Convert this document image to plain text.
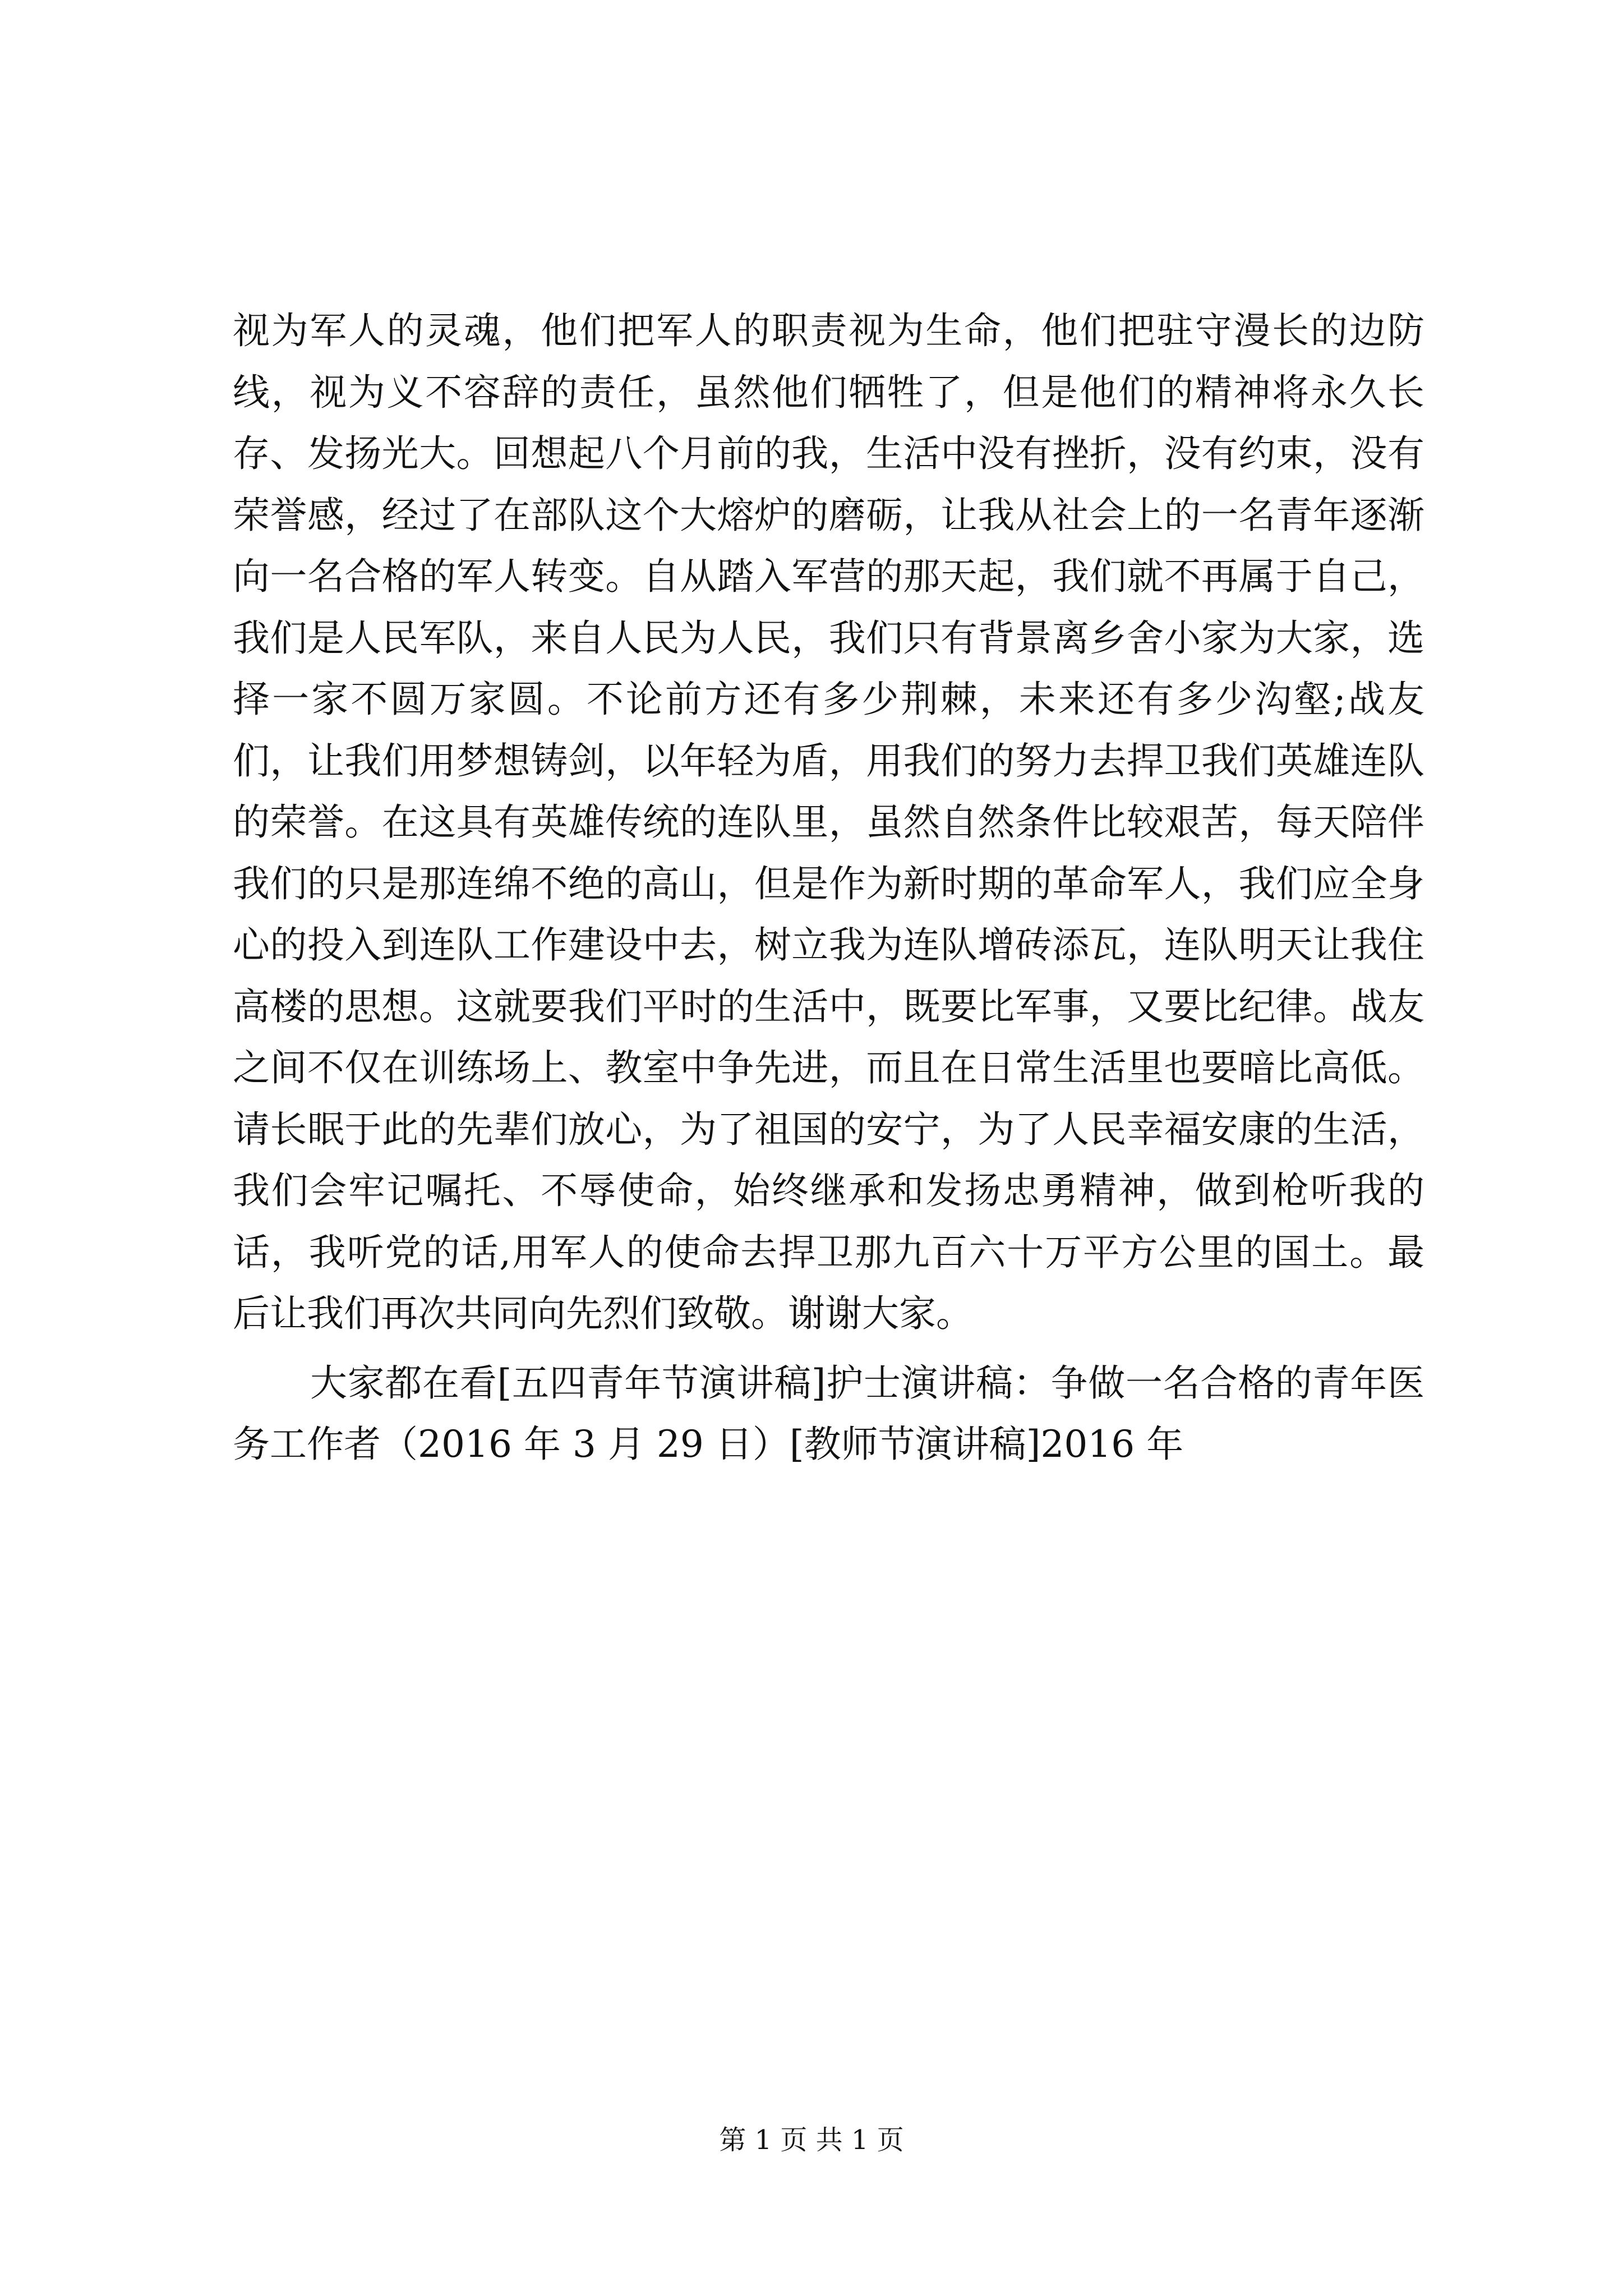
视为军人的灵魂，他们把军人的职责视为生命，他们把驻守漫长的边防线，视为义不容辞的责任，虽然他们牺牲了，但是他们的精神将永久长存、发扬光大。回想起八个月前的我，生活中没有挫折，没有约束，没有荣誉感，经过了在部队这个大熔炉的磨砺，让我从社会上的一名青年逐渐向一名合格的军人转变。自从踏入军营的那天起，我们就不再属于自己，我们是人民军队，来自人民为人民，我们只有背景离乡舍小家为大家，选择一家不圆万家圆。不论前方还有多少荆棘，未来还有多少沟壑;战友们，让我们用梦想铸剑，以年轻为盾，用我们的努力去捍卫我们英雄连队的荣誉。在这具有英雄传统的连队里，虽然自然条件比较艰苦，每天陪伴我们的只是那连绵不绝的高山，但是作为新时期的革命军人，我们应全身心的投入到连队工作建设中去，树立我为连队增砖添瓦，连队明天让我住高楼的思想。这就要我们平时的生活中，既要比军事，又要比纪律。战友之间不仅在训练场上、教室中争先进，而且在日常生活里也要暗比高低。请长眠于此的先辈们放心，为了祖国的安宁，为了人民幸福安康的生活，我们会牢记嘱托、不辱使命，始终继承和发扬忠勇精神，做到枪听我的话，我听党的话,用军人的使命去捍卫那九百六十万平方公里的国土。最后让我们再次共同向先烈们致敬。谢谢大家。

大家都在看[五四青年节演讲稿]护士演讲稿：争做一名合格的青年医务工作者（2016 年 3 月 29 日）[教师节演讲稿]2016 年

第 1 页 共 1 页
